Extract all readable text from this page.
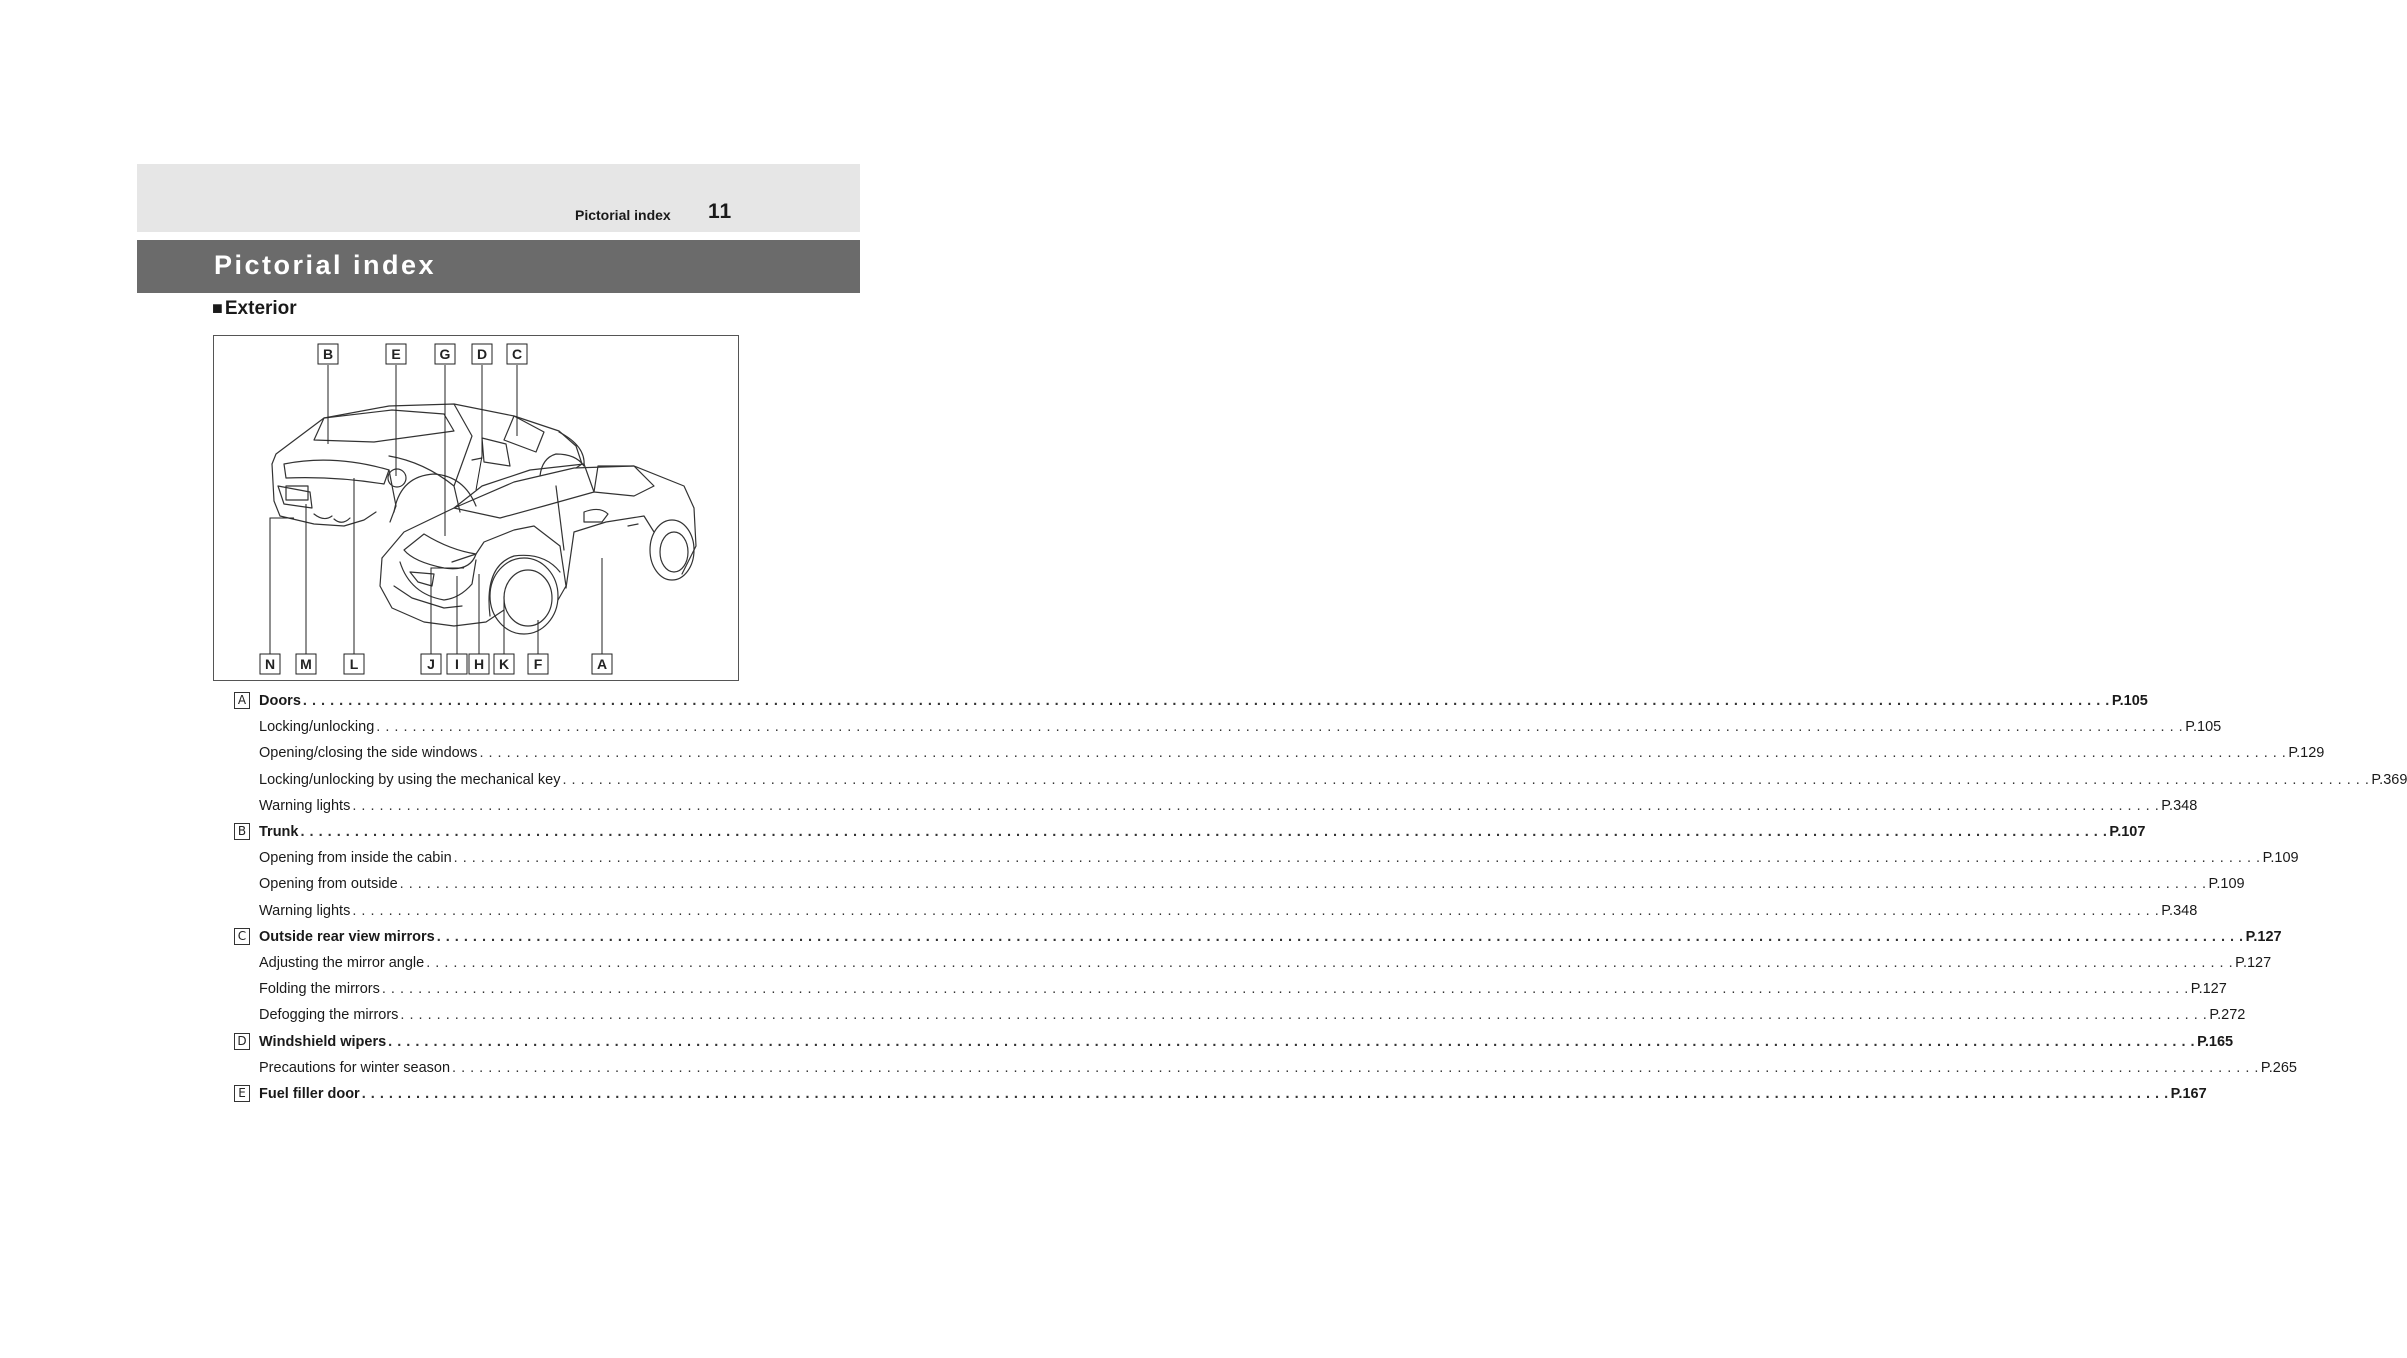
Pictorial index 11
Pictorial index
■ Exterior
B	E	G D C
N M	L	J I H K F	A
A Doors . . . . . . . . . . . . . . . . . . . . . . . . . . . . . . . . . . . . . . . . . . . . . . . . . . . . . . . . . . . . . . . . . . . . . . . . . . . . . . . . . . . . . . . . . . . . . . . . . . . . . . . . . . . . . . . . . . . . . . . . . . . . . . . . . . . . . . . . . . . . . . . . . . . . . . . . . . . . . . . . . . . . . . . . . . . . . . . . . . . . . . . . . . . . . . . . . . . . . . . . P.105
Locking/unlocking . . . . . . . . . . . . . . . . . . . . . . . . . . . . . . . . . . . . . . . . . . . . . . . . . . . . . . . . . . . . . . . . . . . . . . . . . . . . . . . . . . . . . . . . . . . . . . . . . . . . . . . . . . . . . . . . . . . . . . . . . . . . . . . . . . . . . . . . . . . . . . . . . . . . . . . . . . . . . . . . . . . . . . . . . . . . . . . . . . . . . . . . . . . . . . . . . . . . . . . . P.105
Opening/closing the side windows . . . . . . . . . . . . . . . . . . . . . . . . . . . . . . . . . . . . . . . . . . . . . . . . . . . . . . . . . . . . . . . . . . . . . . . . . . . . . . . . . . . . . . . . . . . . . . . . . . . . . . . . . . . . . . . . . . . . . . . . . . . . . . . . . . . . . . . . . . . . . . . . . . . . . . . . . . . . . . . . . . . . . . . . . . . . . . . . . . . . . . . . . . . . . . . . . . . . . . . . P.129
Locking/unlocking by using the mechanical key . . . . . . . . . . . . . . . . . . . . . . . . . . . . . . . . . . . . . . . . . . . . . . . . . . . . . . . . . . . . . . . . . . . . . . . . . . . . . . . . . . . . . . . . . . . . . . . . . . . . . . . . . . . . . . . . . . . . . . . . . . . . . . . . . . . . . . . . . . . . . . . . . . . . . . . . . . . . . . . . . . . . . . . . . . . . . . . . . . . . . . . . . . . . . . . . . . . . . . . . P.369
Warning lights . . . . . . . . . . . . . . . . . . . . . . . . . . . . . . . . . . . . . . . . . . . . . . . . . . . . . . . . . . . . . . . . . . . . . . . . . . . . . . . . . . . . . . . . . . . . . . . . . . . . . . . . . . . . . . . . . . . . . . . . . . . . . . . . . . . . . . . . . . . . . . . . . . . . . . . . . . . . . . . . . . . . . . . . . . . . . . . . . . . . . . . . . . . . . . . . . . . . . . . . P.348
B Trunk . . . . . . . . . . . . . . . . . . . . . . . . . . . . . . . . . . . . . . . . . . . . . . . . . . . . . . . . . . . . . . . . . . . . . . . . . . . . . . . . . . . . . . . . . . . . . . . . . . . . . . . . . . . . . . . . . . . . . . . . . . . . . . . . . . . . . . . . . . . . . . . . . . . . . . . . . . . . . . . . . . . . . . . . . . . . . . . . . . . . . . . . . . . . . . . . . . . . . . . . P.107
Opening from inside the cabin . . . . . . . . . . . . . . . . . . . . . . . . . . . . . . . . . . . . . . . . . . . . . . . . . . . . . . . . . . . . . . . . . . . . . . . . . . . . . . . . . . . . . . . . . . . . . . . . . . . . . . . . . . . . . . . . . . . . . . . . . . . . . . . . . . . . . . . . . . . . . . . . . . . . . . . . . . . . . . . . . . . . . . . . . . . . . . . . . . . . . . . . . . . . . . . . . . . . . . . . P.109
Opening from outside . . . . . . . . . . . . . . . . . . . . . . . . . . . . . . . . . . . . . . . . . . . . . . . . . . . . . . . . . . . . . . . . . . . . . . . . . . . . . . . . . . . . . . . . . . . . . . . . . . . . . . . . . . . . . . . . . . . . . . . . . . . . . . . . . . . . . . . . . . . . . . . . . . . . . . . . . . . . . . . . . . . . . . . . . . . . . . . . . . . . . . . . . . . . . . . . . . . . . . . . P.109
Warning lights . . . . . . . . . . . . . . . . . . . . . . . . . . . . . . . . . . . . . . . . . . . . . . . . . . . . . . . . . . . . . . . . . . . . . . . . . . . . . . . . . . . . . . . . . . . . . . . . . . . . . . . . . . . . . . . . . . . . . . . . . . . . . . . . . . . . . . . . . . . . . . . . . . . . . . . . . . . . . . . . . . . . . . . . . . . . . . . . . . . . . . . . . . . . . . . . . . . . . . . . P.348
C Outside rear view mirrors . . . . . . . . . . . . . . . . . . . . . . . . . . . . . . . . . . . . . . . . . . . . . . . . . . . . . . . . . . . . . . . . . . . . . . . . . . . . . . . . . . . . . . . . . . . . . . . . . . . . . . . . . . . . . . . . . . . . . . . . . . . . . . . . . . . . . . . . . . . . . . . . . . . . . . . . . . . . . . . . . . . . . . . . . . . . . . . . . . . . . . . . . . . . . . . . . . . . . . . . P.127
Adjusting the mirror angle . . . . . . . . . . . . . . . . . . . . . . . . . . . . . . . . . . . . . . . . . . . . . . . . . . . . . . . . . . . . . . . . . . . . . . . . . . . . . . . . . . . . . . . . . . . . . . . . . . . . . . . . . . . . . . . . . . . . . . . . . . . . . . . . . . . . . . . . . . . . . . . . . . . . . . . . . . . . . . . . . . . . . . . . . . . . . . . . . . . . . . . . . . . . . . . . . . . . . . . . P.127
Folding the mirrors . . . . . . . . . . . . . . . . . . . . . . . . . . . . . . . . . . . . . . . . . . . . . . . . . . . . . . . . . . . . . . . . . . . . . . . . . . . . . . . . . . . . . . . . . . . . . . . . . . . . . . . . . . . . . . . . . . . . . . . . . . . . . . . . . . . . . . . . . . . . . . . . . . . . . . . . . . . . . . . . . . . . . . . . . . . . . . . . . . . . . . . . . . . . . . . . . . . . . . . . P.127
Defogging the mirrors . . . . . . . . . . . . . . . . . . . . . . . . . . . . . . . . . . . . . . . . . . . . . . . . . . . . . . . . . . . . . . . . . . . . . . . . . . . . . . . . . . . . . . . . . . . . . . . . . . . . . . . . . . . . . . . . . . . . . . . . . . . . . . . . . . . . . . . . . . . . . . . . . . . . . . . . . . . . . . . . . . . . . . . . . . . . . . . . . . . . . . . . . . . . . . . . . . . . . . . . P.272
D Windshield wipers . . . . . . . . . . . . . . . . . . . . . . . . . . . . . . . . . . . . . . . . . . . . . . . . . . . . . . . . . . . . . . . . . . . . . . . . . . . . . . . . . . . . . . . . . . . . . . . . . . . . . . . . . . . . . . . . . . . . . . . . . . . . . . . . . . . . . . . . . . . . . . . . . . . . . . . . . . . . . . . . . . . . . . . . . . . . . . . . . . . . . . . . . . . . . . . . . . . . . . . . P.165
Precautions for winter season . . . . . . . . . . . . . . . . . . . . . . . . . . . . . . . . . . . . . . . . . . . . . . . . . . . . . . . . . . . . . . . . . . . . . . . . . . . . . . . . . . . . . . . . . . . . . . . . . . . . . . . . . . . . . . . . . . . . . . . . . . . . . . . . . . . . . . . . . . . . . . . . . . . . . . . . . . . . . . . . . . . . . . . . . . . . . . . . . . . . . . . . . . . . . . . . . . . . . . . . P.265
E Fuel filler door . . . . . . . . . . . . . . . . . . . . . . . . . . . . . . . . . . . . . . . . . . . . . . . . . . . . . . . . . . . . . . . . . . . . . . . . . . . . . . . . . . . . . . . . . . . . . . . . . . . . . . . . . . . . . . . . . . . . . . . . . . . . . . . . . . . . . . . . . . . . . . . . . . . . . . . . . . . . . . . . . . . . . . . . . . . . . . . . . . . . . . . . . . . . . . . . . . . . . . . . P.167
